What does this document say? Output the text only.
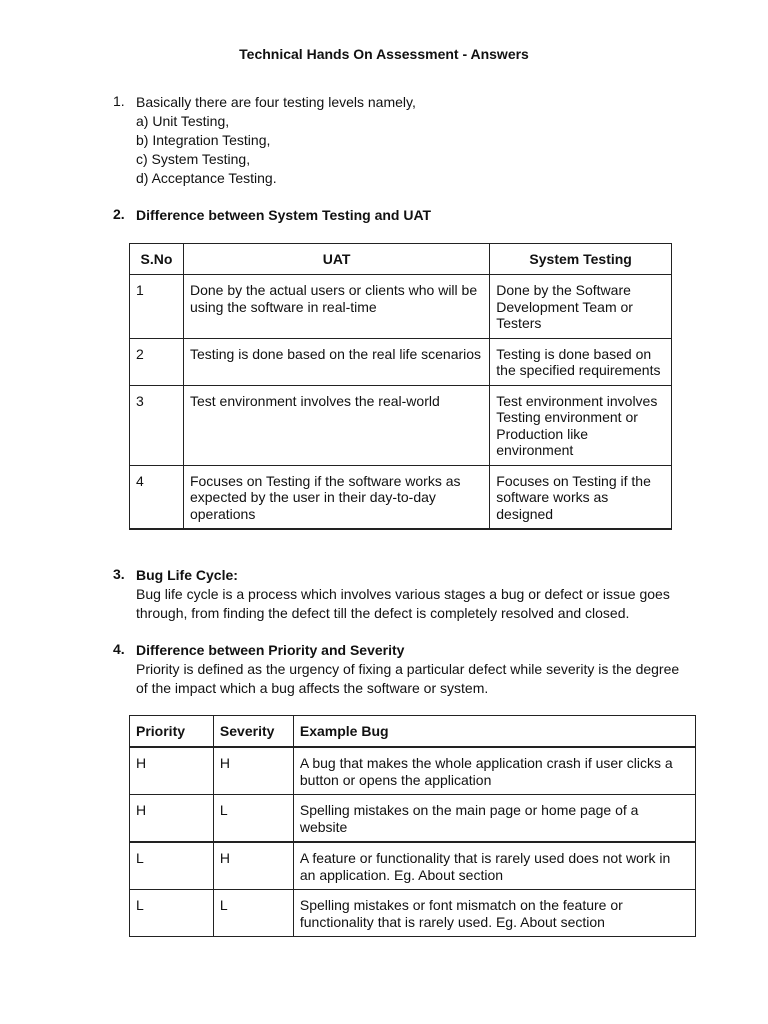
Technical Hands On Assessment - Answers
1. Basically there are four testing levels namely,
a) Unit Testing,
b) Integration Testing,
c) System Testing,
d) Acceptance Testing.
2. Difference between System Testing and UAT
S.No	UAT	System Testing
1	Done by the actual users or clients who will be using the software in real-time	Done by the Software Development Team or Testers
2	Testing is done based on the real life scenarios	Testing is done based on the specified requirements
3	Test environment involves the real-world	Test environment involves Testing environment or Production like environment
4	Focuses on Testing if the software works as expected by the user in their day-to-day operations	Focuses on Testing if the software works as designed
3. Bug Life Cycle:
Bug life cycle is a process which involves various stages a bug or defect or issue goes through, from finding the defect till the defect is completely resolved and closed.
4. Difference between Priority and Severity
Priority is defined as the urgency of fixing a particular defect while severity is the degree of the impact which a bug affects the software or system.
Priority	Severity	Example Bug
H	H	A bug that makes the whole application crash if user clicks a button or opens the application
H	L	Spelling mistakes on the main page or home page of a website
L	H	A feature or functionality that is rarely used does not work in an application. Eg. About section
L	L	Spelling mistakes or font mismatch on the feature or functionality that is rarely used. Eg. About section
